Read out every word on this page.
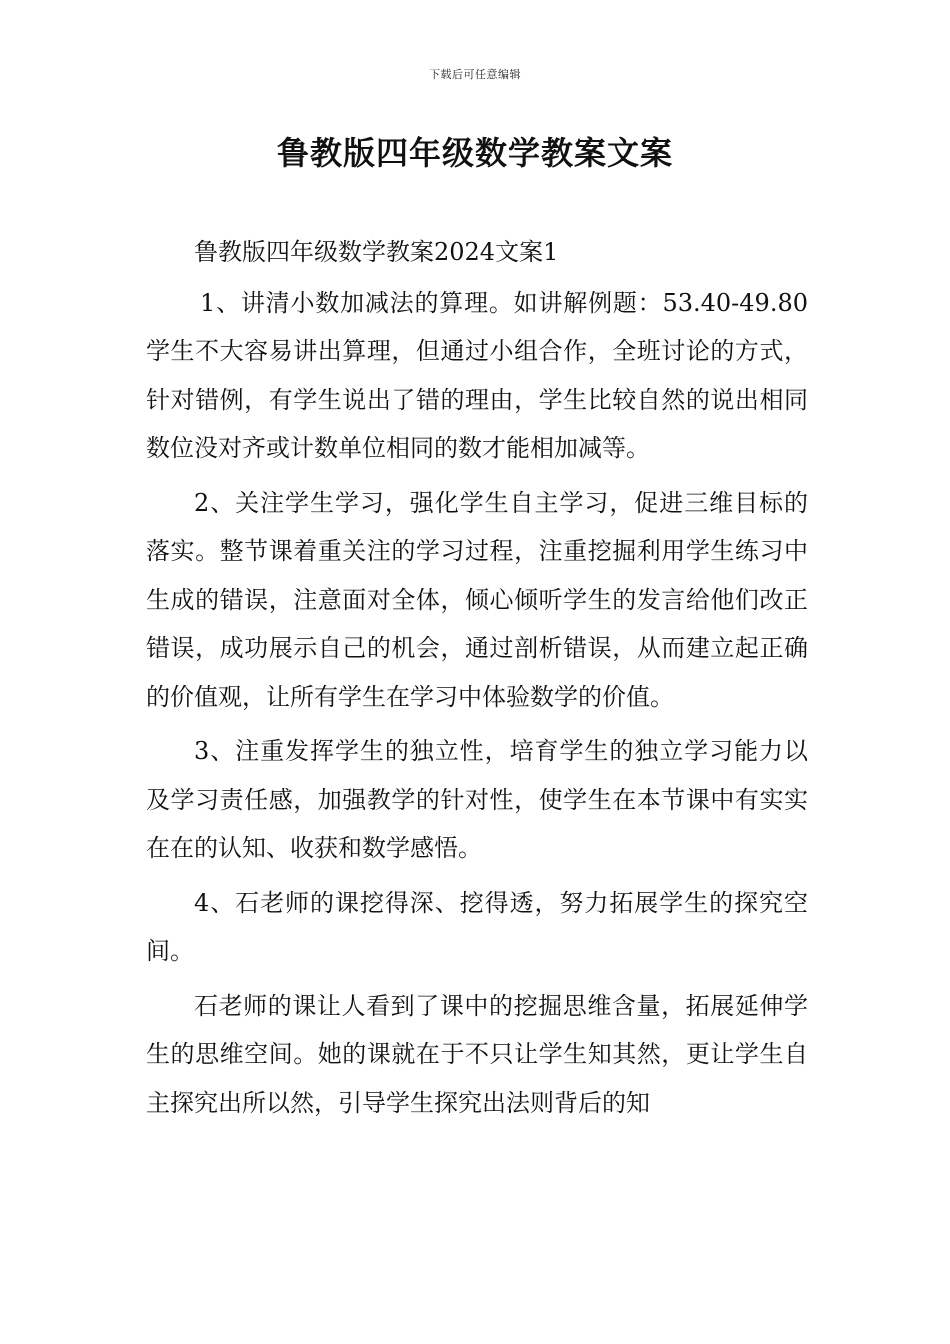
下载后可任意编辑
鲁教版四年级数学教案文案

鲁教版四年级数学教案2024文案1

1、讲清小数加减法的算理。如讲解例题：53.40-49.80学生不大容易讲出算理，但通过小组合作，全班讨论的方式，针对错例，有学生说出了错的理由，学生比较自然的说出相同数位没对齐或计数单位相同的数才能相加减等。

2、关注学生学习，强化学生自主学习，促进三维目标的落实。整节课着重关注的学习过程，注重挖掘利用学生练习中生成的错误，注意面对全体，倾心倾听学生的发言给他们改正错误，成功展示自己的机会，通过剖析错误，从而建立起正确的价值观，让所有学生在学习中体验数学的价值。

3、注重发挥学生的独立性，培育学生的独立学习能力以及学习责任感，加强教学的针对性，使学生在本节课中有实实在在的认知、收获和数学感悟。

4、石老师的课挖得深、挖得透，努力拓展学生的探究空间。

石老师的课让人看到了课中的挖掘思维含量，拓展延伸学生的思维空间。她的课就在于不只让学生知其然，更让学生自主探究出所以然，引导学生探究出法则背后的知
